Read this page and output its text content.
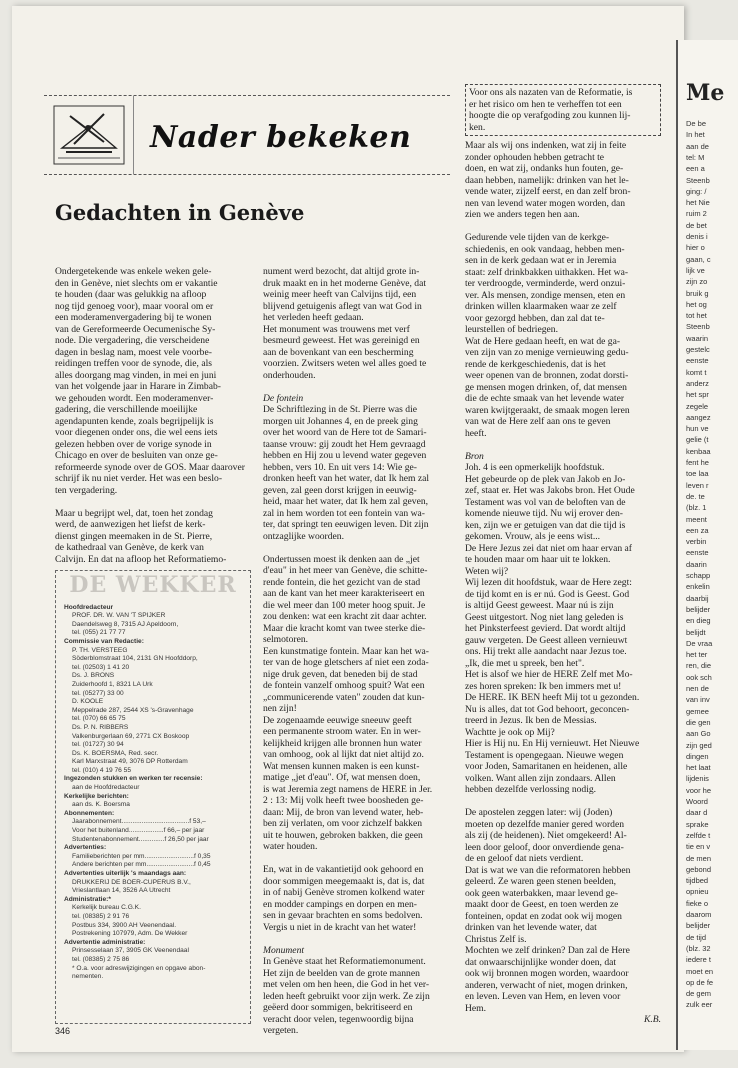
Me
De be
In het
aan de
tel: M
een a
Steenb
ging: /
het Nie
ruim 2
de bet
denis i
hier o
gaan, c
lijk ve
zijn zo
bruik g
het og
tot het
Steenb
waarin
gestelc
eenste
komt t
anderz
het spr
zegele
aangez
hun ve
gelie (t
kenbaa
fent he
toe laa
leven r
de. te
(blz. 1
meent
een za
verbin
eenste
daarin
schapp
enkelin
daarbij
belijder
en dieg
belijdt
De vraa
het ter
ren, die
ook sch
nen de
van inv
gemee
die gen
aan Go
zijn ged
dingen
het laat
lijdenis
voor he
Woord
daar d
sprake
zelfde t
tie en v
de men
gebond
tijdbed
opnieu
fieke o
daarom
belijder
de tijd
(blz. 32
iedere t
moet en
op de fe
de gem
zulk eer
Nader bekeken
Gedachten in Genève
Ondergetekende was enkele weken gele-
den in Genève, niet slechts om er vakantie
te houden (daar was gelukkig na afloop
nog tijd genoeg voor), maar vooral om er
een moderamenvergadering bij te wonen
van de Gereformeerde Oecumenische Sy-
node. Die vergadering, die verscheidene
dagen in beslag nam, moest vele voorbe-
reidingen treffen voor de synode, die, als
alles doorgang mag vinden, in mei en juni
van het volgende jaar in Harare in Zimbab-
we gehouden wordt. Een moderamenver-
gadering, die verschillende moeilijke
agendapunten kende, zoals begrijpelijk is
voor diegenen onder ons, die wel eens iets
gelezen hebben over de vorige synode in
Chicago en over de besluiten van onze ge-
reformeerde synode over de GOS. Maar daarover
schrijf ik nu niet verder. Het was een beslo-
ten vergadering.
Maar u begrijpt wel, dat, toen het zondag
werd, de aanwezigen het liefst de kerk-
dienst gingen meemaken in de St. Pierre,
de kathedraal van Genève, de kerk van
Calvijn. En dat na afloop het Reformatiemo-
nument werd bezocht, dat altijd grote in-
druk maakt en in het moderne Genève, dat
weinig meer heeft van Calvijns tijd, een
blijvend getuigenis aflegt van wat God in
het verleden heeft gedaan.
Het monument was trouwens met verf
besmeurd geweest. Het was gereinigd en
aan de bovenkant van een bescherming
voorzien. Zwitsers weten wel alles goed te
onderhouden.
De fontein
De Schriftlezing in de St. Pierre was die
morgen uit Johannes 4, en de preek ging
over het woord van de Here tot de Samari-
taanse vrouw: gij zoudt het Hem gevraagd
hebben en Hij zou u levend water gegeven
hebben, vers 10. En uit vers 14: Wie ge-
dronken heeft van het water, dat Ik hem zal
geven, zal geen dorst krijgen in eeuwig-
heid, maar het water, dat Ik hem zal geven,
zal in hem worden tot een fontein van wa-
ter, dat springt ten eeuwigen leven. Dit zijn
ontzaglijke woorden.
Ondertussen moest ik denken aan de „jet
d'eau" in het meer van Genève, die schitte-
rende fontein, die het gezicht van de stad
aan de kant van het meer karakteriseert en
die wel meer dan 100 meter hoog spuit. Je
zou denken: wat een kracht zit daar achter.
Maar die kracht komt van twee sterke die-
selmotoren.
Een kunstmatige fontein. Maar kan het wa-
ter van de hoge gletschers af niet een zoda-
nige druk geven, dat beneden bij de stad
de fontein vanzelf omhoog spuit? Wat een
„communicerende vaten" zouden dat kun-
nen zijn!
De zogenaamde eeuwige sneeuw geeft
een permanente stroom water. En in wer-
kelijkheid krijgen alle bronnen hun water
van omhoog, ook al lijkt dat niet altijd zo.
Wat mensen kunnen maken is een kunst-
matige „jet d'eau". Of, wat mensen doen,
is wat Jeremia zegt namens de HERE in Jer.
2 : 13: Mij volk heeft twee boosheden ge-
daan: Mij, de bron van levend water, heb-
ben zij verlaten, om voor zichzelf bakken
uit te houwen, gebroken bakken, die geen
water houden.
En, wat in de vakantietijd ook gehoord en
door sommigen meegemaakt is, dat is, dat
in of nabij Genève stromen kolkend water
en modder campings en dorpen en men-
sen in gevaar brachten en soms bedolven.
Vergis u niet in de kracht van het water!
Monument
In Genève staat het Reformatiemonument.
Het zijn de beelden van de grote mannen
met velen om hen heen, die God in het ver-
leden heeft gebruikt voor zijn werk. Ze zijn
geëerd door sommigen, bekritiseerd en
veracht door velen, tegenwoordig bijna
vergeten.
Voor ons als nazaten van de Reformatie, is
er het risico om hen te verheffen tot een
hoogte die op verafgoding zou kunnen lij-
ken.
Maar als wij ons indenken, wat zij in feite
zonder ophouden hebben getracht te
doen, en wat zij, ondanks hun fouten, ge-
daan hebben, namelijk: drinken van het le-
vende water, zijzelf eerst, en dan zelf bron-
nen van levend water mogen worden, dan
zien we anders tegen hen aan.
Gedurende vele tijden van de kerkge-
schiedenis, en ook vandaag, hebben men-
sen in de kerk gedaan wat er in Jeremia
staat: zelf drinkbakken uithakken. Het wa-
ter verdroogde, verminderde, werd onzui-
ver. Als mensen, zondige mensen, eten en
drinken willen klaarmaken waar ze zelf
voor gezorgd hebben, dan zal dat te-
leurstellen of bedriegen.
Wat de Here gedaan heeft, en wat de ga-
ven zijn van zo menige vernieuwing gedu-
rende de kerkgeschiedenis, dat is het
weer openen van de bronnen, zodat dorsti-
ge mensen mogen drinken, of, dat mensen
die de echte smaak van het levende water
waren kwijtgeraakt, de smaak mogen leren
van wat de Here zelf aan ons te geven
heeft.
Bron
Joh. 4 is een opmerkelijk hoofdstuk.
Het gebeurde op de plek van Jakob en Jo-
zef, staat er. Het was Jakobs bron. Het Oude
Testament was vol van de beloften van de
komende nieuwe tijd. Nu wij erover den-
ken, zijn we er getuigen van dat die tijd is
gekomen. Vrouw, als je eens wist...
De Here Jezus zei dat niet om haar ervan af
te houden maar om haar uit te lokken.
Weten wij?
Wij lezen dit hoofdstuk, waar de Here zegt:
de tijd komt en is er nú. God is Geest. God
is altijd Geest geweest. Maar nú is zijn
Geest uitgestort. Nog niet lang geleden is
het Pinksterfeest gevierd. Dat wordt altijd
gauw vergeten. De Geest alleen vernieuwt
ons. Hij trekt alle aandacht naar Jezus toe.
„Ik, die met u spreek, ben het".
Het is alsof we hier de HERE Zelf met Mo-
zes horen spreken: Ik ben immers met u!
De HERE. IK BEN heeft Mij tot u gezonden.
Nu is alles, dat tot God behoort, geconcen-
treerd in Jezus. Ik ben de Messias.
Wachtte je ook op Mij?
Hier is Hij nu. En Hij vernieuwt. Het Nieuwe
Testament is opengegaan. Nieuwe wegen
voor Joden, Samaritanen en heidenen, alle
volken. Want allen zijn zondaars. Allen
hebben dezelfde verlossing nodig.
De apostelen zeggen later: wij (Joden)
moeten op dezelfde manier gered worden
als zij (de heidenen). Niet omgekeerd! Al-
leen door geloof, door onverdiende gena-
de en geloof dat niets verdient.
Dat is wat we van die reformatoren hebben
geleerd. Ze waren geen stenen beelden,
ook geen waterbakken, maar levend ge-
maakt door de Geest, en toen werden ze
fonteinen, opdat en zodat ook wij mogen
drinken van het levende water, dat
Christus Zelf is.
Mochten we zelf drinken? Dan zal de Here
dat onwaarschijnlijke wonder doen, dat
ook wij bronnen mogen worden, waardoor
anderen, verwacht of niet, mogen drinken,
en leven. Leven van Hem, en leven voor
Hem.
K.B.
DE WEKKER
Hoofdredacteur
PROF. DR. W. VAN 'T SPIJKER
Daendelsweg 8, 7315 AJ Apeldoorn,
tel. (055) 21 77 77
Commissie van Redactie:
P. TH. VERSTEEG
Söderblomstraat 104, 2131 GN Hoofddorp,
tel. (02503) 1 41 20
Ds. J. BRONS
Zuiderhoofd 1, 8321 LA Urk
tel. (05277) 33 00
D. KOOLE
Meppelrade 287, 2544 XS 's-Gravenhage
tel. (070) 66 65 75
Ds. P. N. RIBBERS
Valkenburgerlaan 69, 2771 CX Boskoop
tel. (01727) 30 94
Ds. K. BOERSMA, Red. secr.
Karl Marxstraat 49, 3076 DP Rotterdam
tel. (010) 4 19 76 55
Ingezonden stukken en werken ter recensie:
aan de Hoofdredacteur
Kerkelijke berichten:
aan ds. K. Boersma
Abonnementen:
Jaarabonnement.....................................f 53,–
Voor het buitenland...................f 66,– per jaar
Studentenabonnement..............f 26,50 per jaar
Advertenties:
Familieberichten per mm...........................f 0,35
Andere berichten per mm..........................f 0,45
Advertenties uiterlijk 's maandags aan:
DRUKKERIJ DE BOER-CUPERUS B.V.,
Vrieslantlaan 14, 3526 AA Utrecht
Administratie:*
Kerkelijk bureau C.G.K.
tel. (08385) 2 91 76
Postbus 334, 3900 AH Veenendaal.
Postrekening 107979, Adm. De Wekker
Advertentie administratie:
Prinsesselaan 37, 3905 GK Veenendaal
tel. (08385) 2 75 86
* O.a. voor adreswijzigingen en opgave abon-
nementen.
346
